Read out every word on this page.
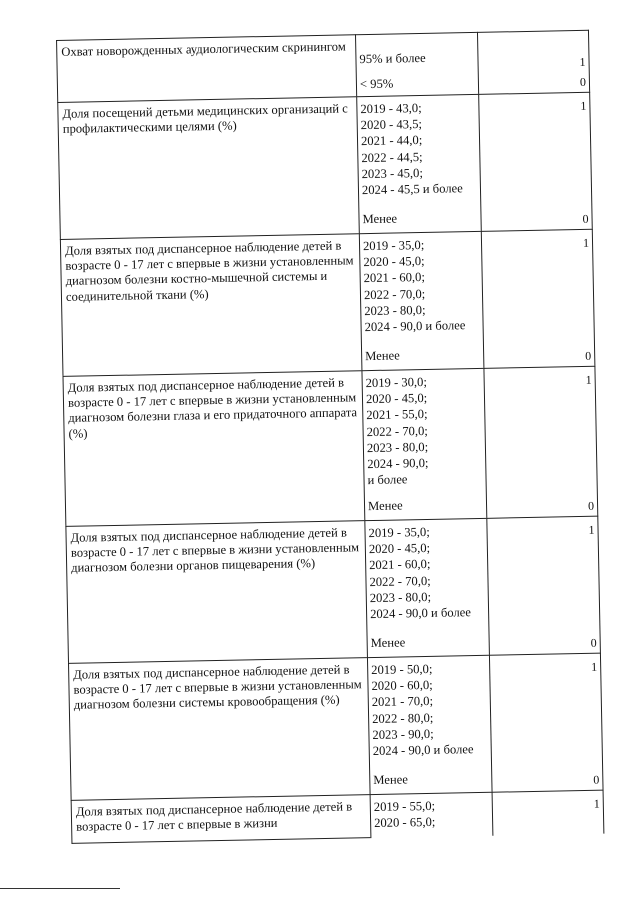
Охват новорожденных аудиологическим скринингом	95% и более
< 95%
1
0
Доля посещений детьми медицинских организаций с профилактическими целями (%)
2019 - 43,0;
2020 - 43,5;
2021 - 44,0;
2022 - 44,5;
2023 - 45,0;
2024 - 45,5 и более
Менее
1
0
Доля взятых под диспансерное наблюдение детей в возрасте 0 - 17 лет с впервые в жизни установленным диагнозом болезни костно-мышечной системы и соединительной ткани (%)
2019 - 35,0;
2020 - 45,0;
2021 - 60,0;
2022 - 70,0;
2023 - 80,0;
2024 - 90,0 и более
Менее
1
0
Доля взятых под диспансерное наблюдение детей в возрасте 0 - 17 лет с впервые в жизни установленным диагнозом болезни глаза и его придаточного аппарата (%)
2019 - 30,0;
2020 - 45,0;
2021 - 55,0;
2022 - 70,0;
2023 - 80,0;
2024 - 90,0;
и более
Менее
1
0
Доля взятых под диспансерное наблюдение детей в возрасте 0 - 17 лет с впервые в жизни установленным диагнозом болезни органов пищеварения (%)
2019 - 35,0;
2020 - 45,0;
2021 - 60,0;
2022 - 70,0;
2023 - 80,0;
2024 - 90,0 и более
Менее
1
0
Доля взятых под диспансерное наблюдение детей в возрасте 0 - 17 лет с впервые в жизни установленным диагнозом болезни системы кровообращения (%)
2019 - 50,0;
2020 - 60,0;
2021 - 70,0;
2022 - 80,0;
2023 - 90,0;
2024 - 90,0 и более
Менее
1
0
Доля взятых под диспансерное наблюдение детей в возрасте 0 - 17 лет с впервые в жизни
2019 - 55,0;
2020 - 65,0;
1
